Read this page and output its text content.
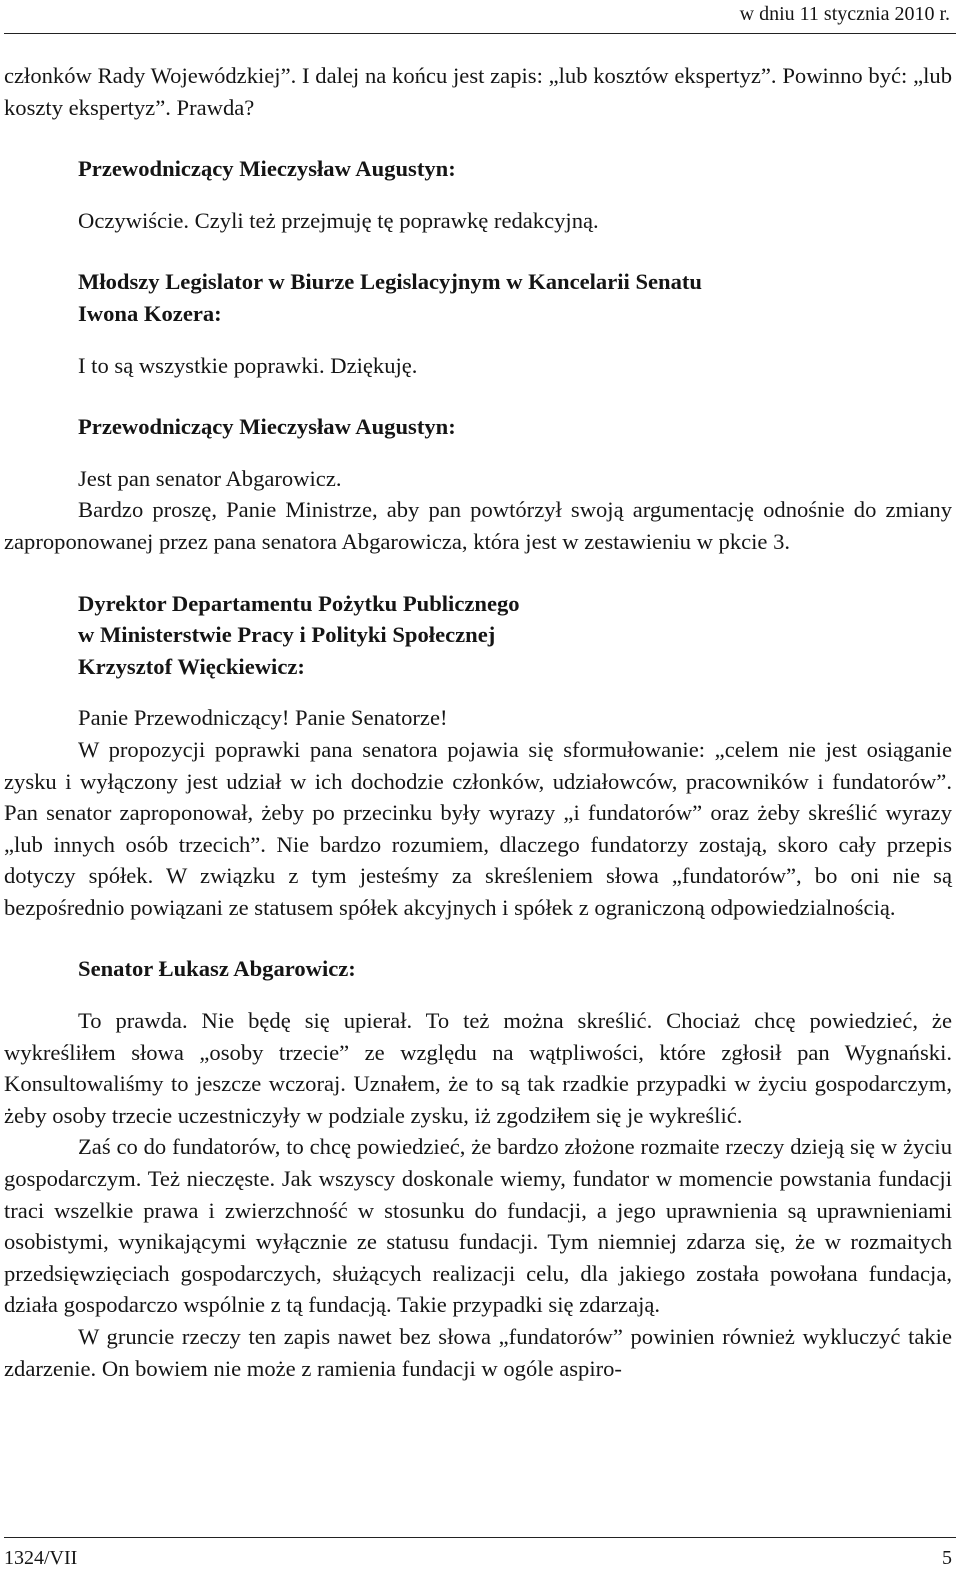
w dniu 11 stycznia 2010 r.

członków Rady Wojewódzkiej”. I dalej na końcu jest zapis: „lub kosztów ekspertyz”. Powinno być: „lub koszty ekspertyz”. Prawda?

Przewodniczący Mieczysław Augustyn:

Oczywiście. Czyli też przejmuję tę poprawkę redakcyjną.

Młodszy Legislator w Biurze Legislacyjnym w Kancelarii Senatu
Iwona Kozera:

I to są wszystkie poprawki. Dziękuję.

Przewodniczący Mieczysław Augustyn:

Jest pan senator Abgarowicz.

Bardzo proszę, Panie Ministrze, aby pan powtórzył swoją argumentację odnośnie do zmiany zaproponowanej przez pana senatora Abgarowicza, która jest w zestawieniu w pkcie 3.

Dyrektor Departamentu Pożytku Publicznego
w Ministerstwie Pracy i Polityki Społecznej
Krzysztof Więckiewicz:

Panie Przewodniczący! Panie Senatorze!

W propozycji poprawki pana senatora pojawia się sformułowanie: „celem nie jest osiąganie zysku i wyłączony jest udział w ich dochodzie członków, udziałowców, pracowników i fundatorów”. Pan senator zaproponował, żeby po przecinku były wyrazy „i fundatorów” oraz żeby skreślić wyrazy „lub innych osób trzecich”. Nie bardzo rozumiem, dlaczego fundatorzy zostają, skoro cały przepis dotyczy spółek. W związku z tym jesteśmy za skreśleniem słowa „fundatorów”, bo oni nie są bezpośrednio powiązani ze statusem spółek akcyjnych i spółek z ograniczoną odpowiedzialnością.

Senator Łukasz Abgarowicz:

To prawda. Nie będę się upierał. To też można skreślić. Chociaż chcę powiedzieć, że wykreśliłem słowa „osoby trzecie” ze względu na wątpliwości, które zgłosił pan Wygnański. Konsultowaliśmy to jeszcze wczoraj. Uznałem, że to są tak rzadkie przypadki w życiu gospodarczym, żeby osoby trzecie uczestniczyły w podziale zysku, iż zgodziłem się je wykreślić.

Zaś co do fundatorów, to chcę powiedzieć, że bardzo złożone rozmaite rzeczy dzieją się w życiu gospodarczym. Też nieczęste. Jak wszyscy doskonale wiemy, fundator w momencie powstania fundacji traci wszelkie prawa i zwierzchność w stosunku do fundacji, a jego uprawnienia są uprawnieniami osobistymi, wynikającymi wyłącznie ze statusu fundacji. Tym niemniej zdarza się, że w rozmaitych przedsięwzięciach gospodarczych, służących realizacji celu, dla jakiego została powołana fundacja, działa gospodarczo wspólnie z tą fundacją. Takie przypadki się zdarzają.

W gruncie rzeczy ten zapis nawet bez słowa „fundatorów” powinien również wykluczyć takie zdarzenie. On bowiem nie może z ramienia fundacji w ogóle aspiro-

1324/VII	5
